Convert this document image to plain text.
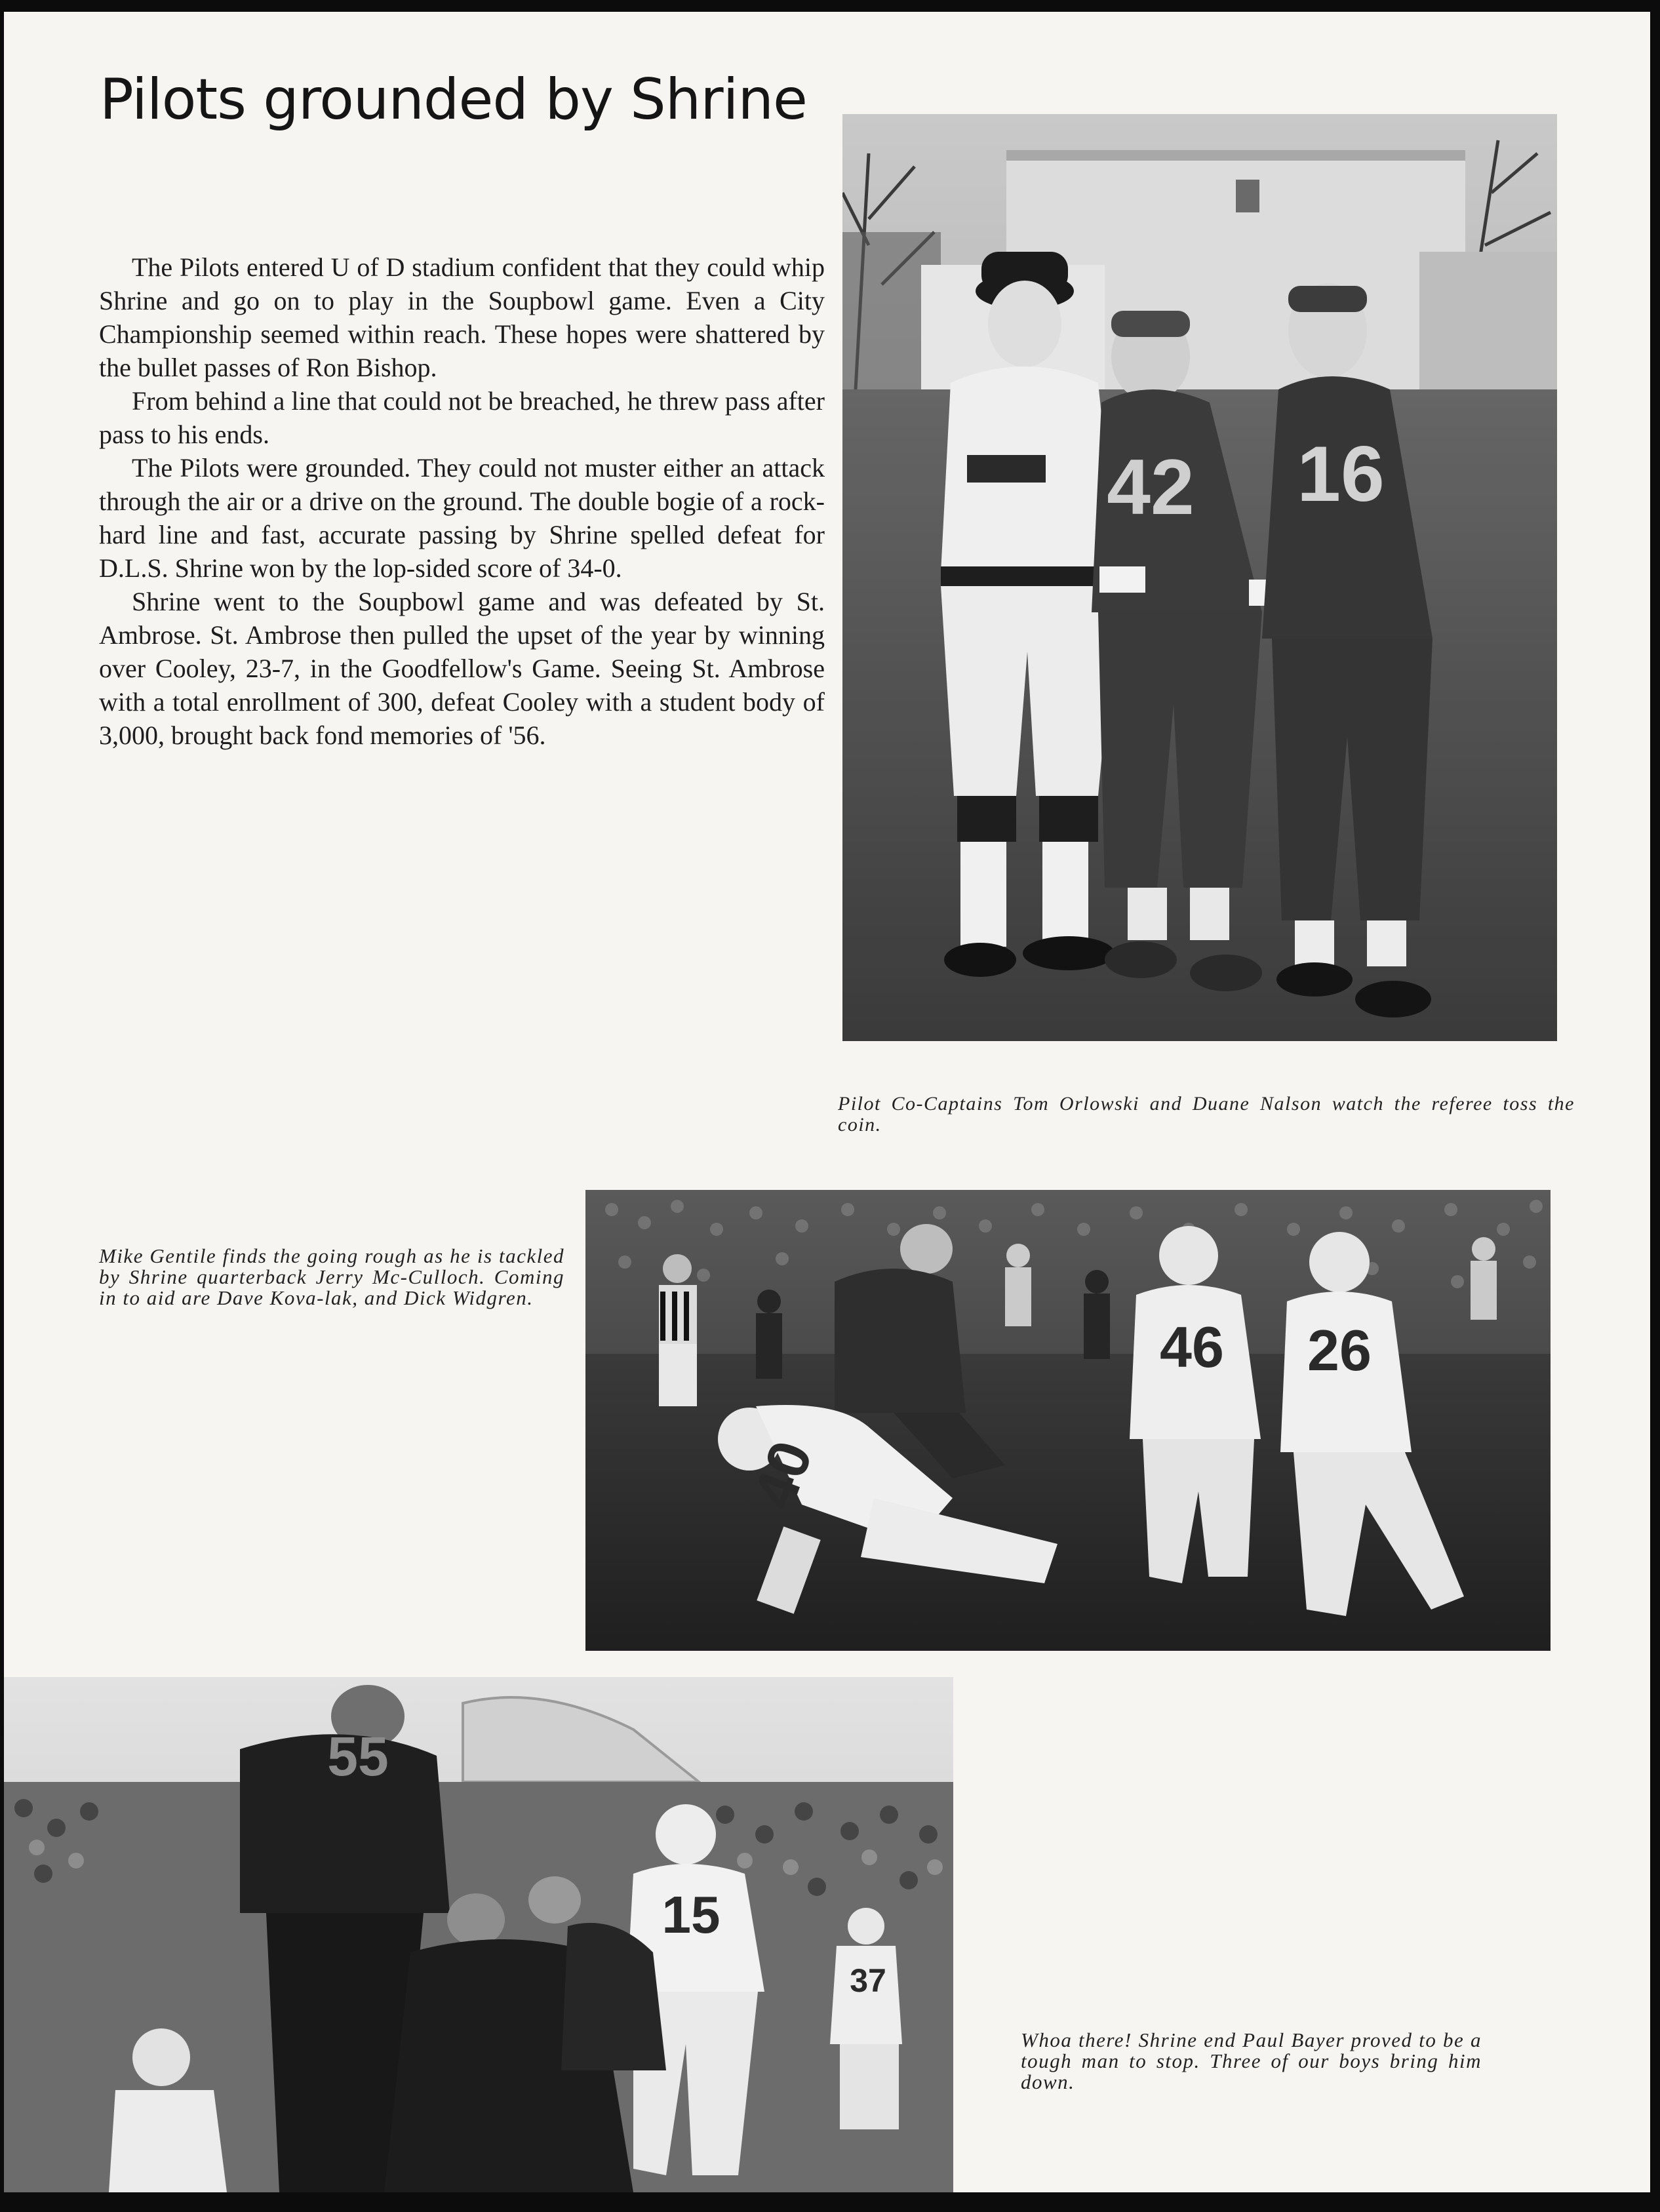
Pilots grounded by Shrine

The Pilots entered U of D stadium confident that they could whip Shrine and go on to play in the Soupbowl game. Even a City Championship seemed within reach. These hopes were shattered by the bullet passes of Ron Bishop.

From behind a line that could not be breached, he threw pass after pass to his ends.

The Pilots were grounded. They could not muster either an attack through the air or a drive on the ground. The double bogie of a rock-hard line and fast, accurate passing by Shrine spelled defeat for D.L.S. Shrine won by the lop-sided score of 34-0.

Shrine went to the Soupbowl game and was defeated by St. Ambrose. St. Ambrose then pulled the upset of the year by winning over Cooley, 23-7, in the Goodfellow's Game. Seeing St. Ambrose with a total enrollment of 300, defeat Cooley with a student body of 3,000, brought back fond memories of '56.

42 16

Pilot Co-Captains Tom Orlowski and Duane Nalson watch the referee toss the coin.

40
46 26

Mike Gentile finds the going rough as he is tackled by Shrine quarterback Jerry Mc-Culloch. Coming in to aid are Dave Kova-lak, and Dick Widgren.

55
15
37

Whoa there! Shrine end Paul Bayer proved to be a tough man to stop. Three of our boys bring him down.
